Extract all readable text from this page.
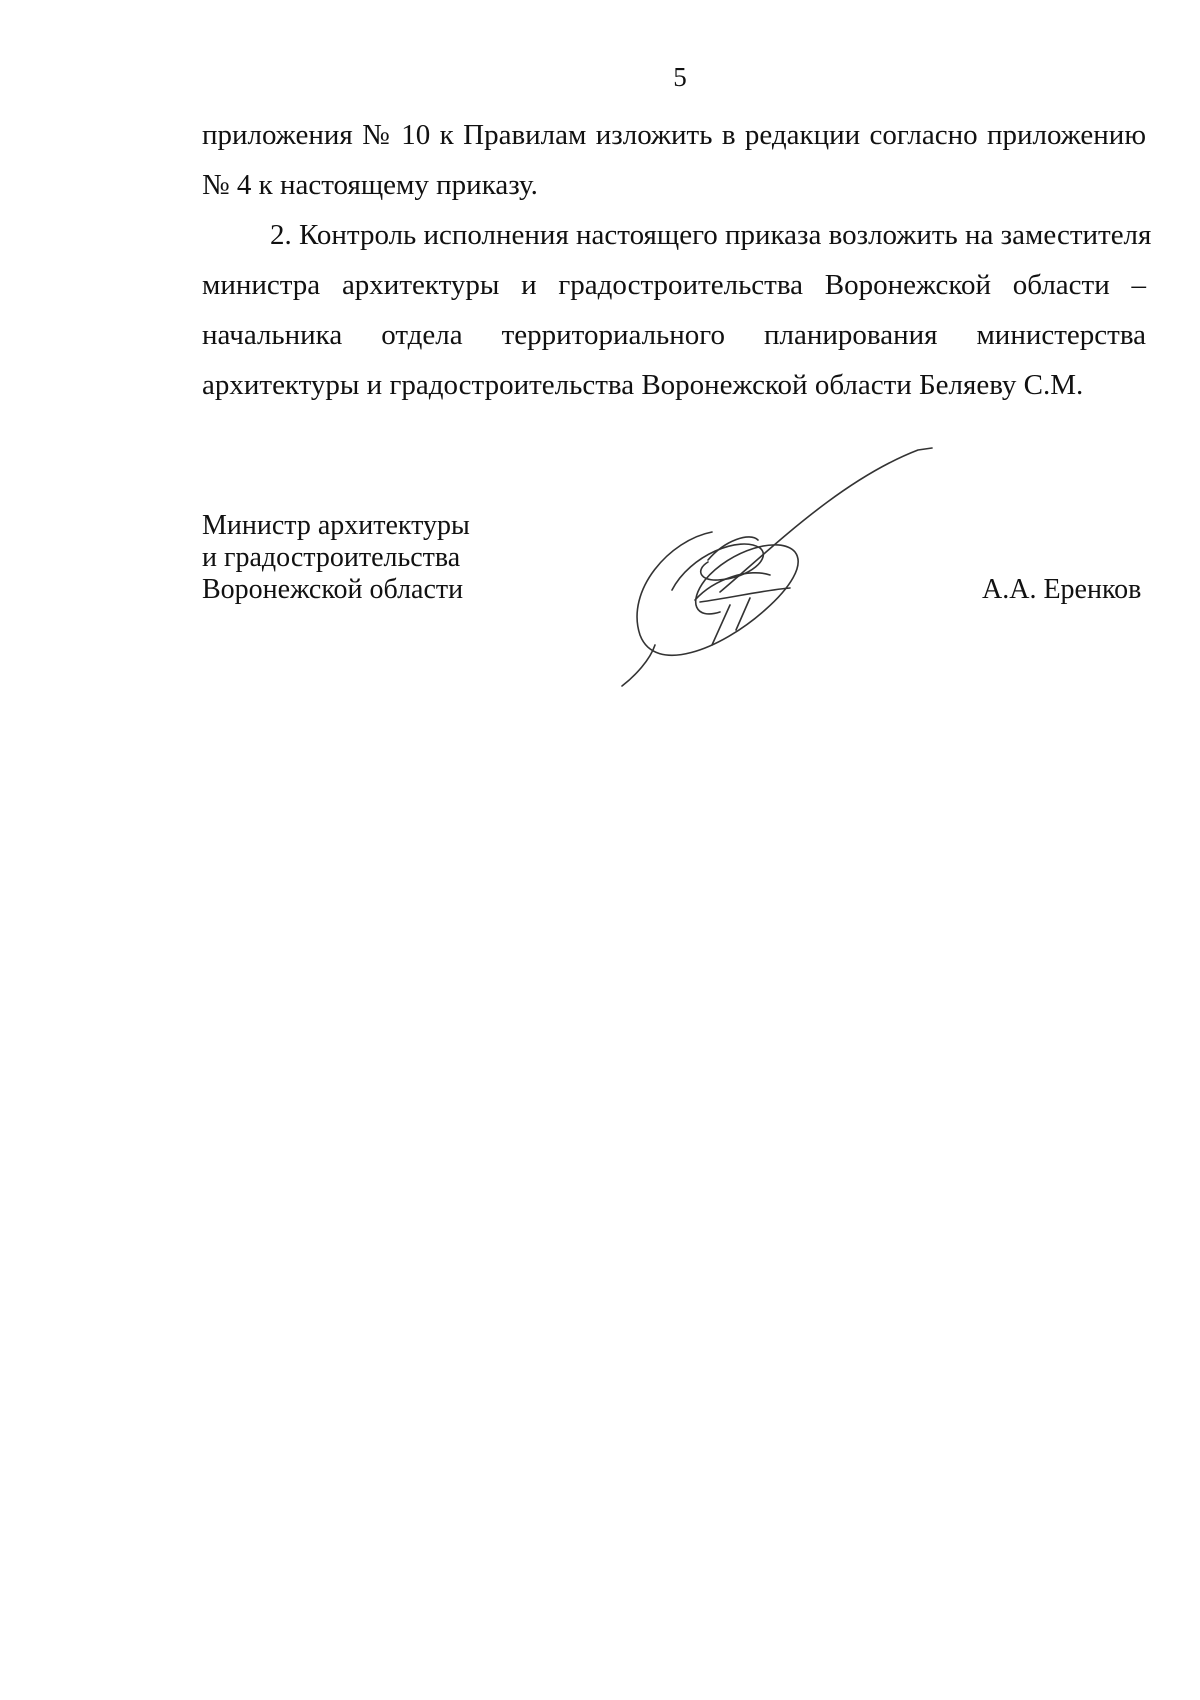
5

приложения № 10 к Правилам изложить в редакции согласно приложению
№ 4 к настоящему приказу.

2. Контроль исполнения настоящего приказа возложить на заместителя
министра архитектуры и градостроительства Воронежской области –
начальника отдела территориального планирования министерства
архитектуры и градостроительства Воронежской области Беляеву С.М.

Министр архитектуры
и градостроительства
Воронежской области	А.А. Еренков
